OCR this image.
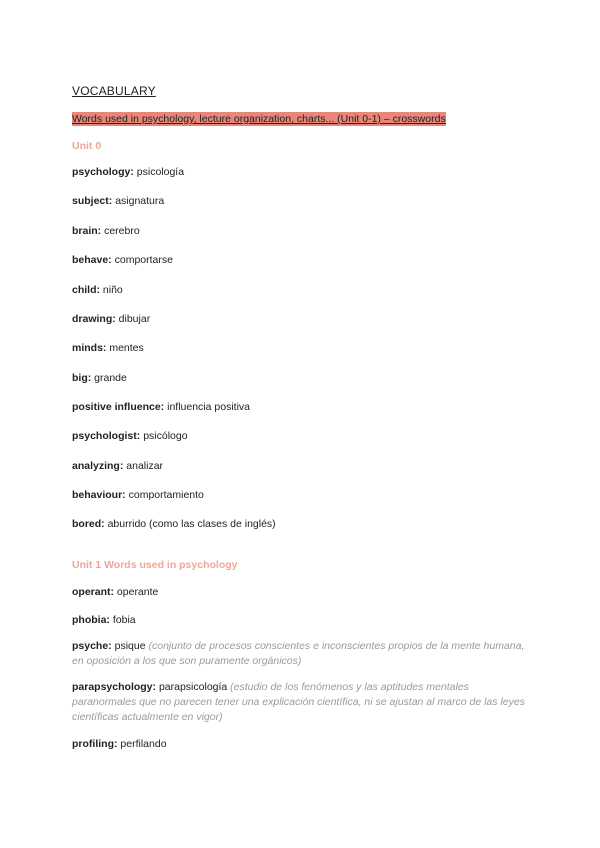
VOCABULARY
Words used in psychology, lecture organization, charts... (Unit 0-1) – crosswords
Unit 0
psychology: psicología
subject: asignatura
brain: cerebro
behave: comportarse
child: niño
drawing: dibujar
minds: mentes
big: grande
positive influence: influencia positiva
psychologist: psicólogo
analyzing: analizar
behaviour: comportamiento
bored: aburrido (como las clases de inglés)
Unit 1 Words used in psychology
operant: operante
phobia: fobia
psyche: psique (conjunto de procesos conscientes e inconscientes propios de la mente humana, en oposición a los que son puramente orgánicos)
parapsychology: parapsicología (estudio de los fenómenos y las aptitudes mentales paranormales que no parecen tener una explicación científica, ni se ajustan al marco de las leyes científicas actualmente en vigor)
profiling: perfilando
